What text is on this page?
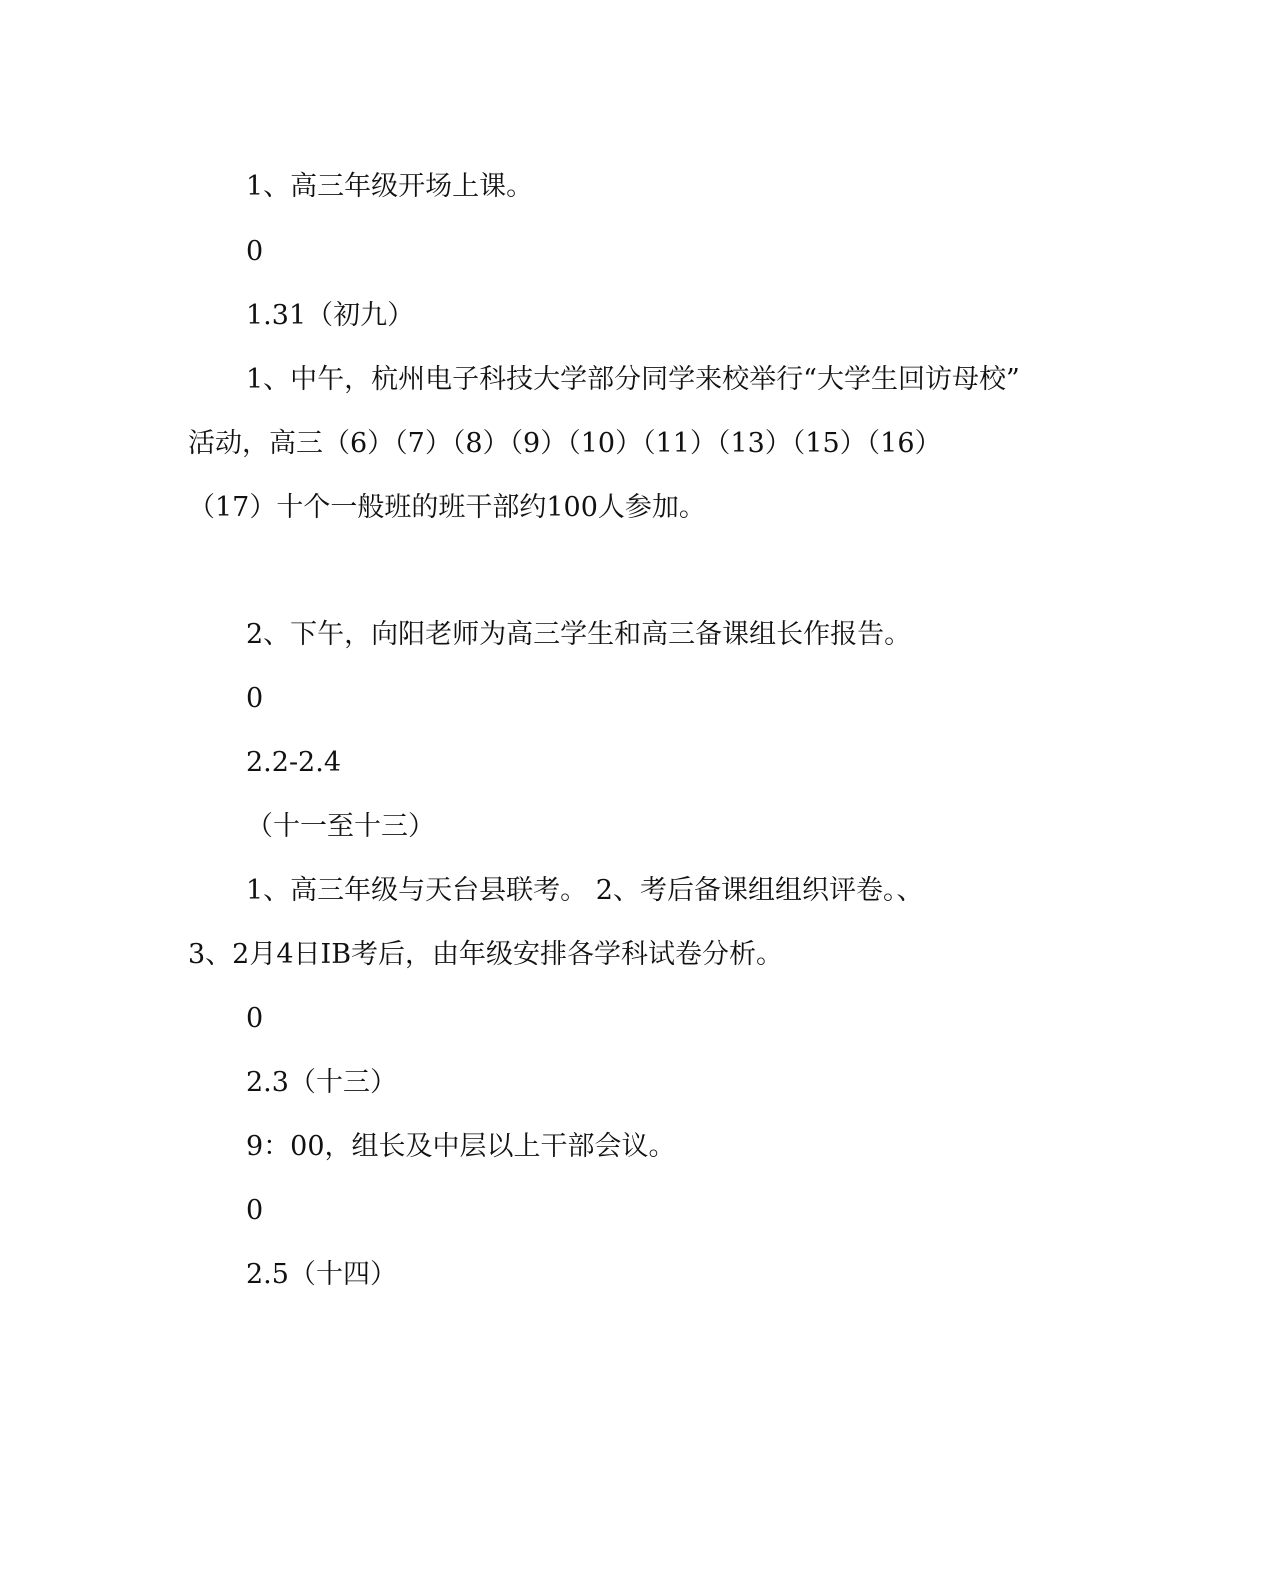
1、高三年级开场上课。
0
1.31（初九）
1、中午，杭州电子科技大学部分同学来校举行“大学生回访母校”
活动，高三（6）（7）（8）（9）（10）（11）（13）（15）（16）
（17）十个一般班的班干部约100人参加。
2、下午，向阳老师为高三学生和高三备课组长作报告。
0
2.2-2.4
（十一至十三）
1、高三年级与天台县联考。 2、考后备课组组织评卷。、
3、2月4日ⅠB考后，由年级安排各学科试卷分析。
0
2.3（十三）
9：00，组长及中层以上干部会议。
0
2.5（十四）
